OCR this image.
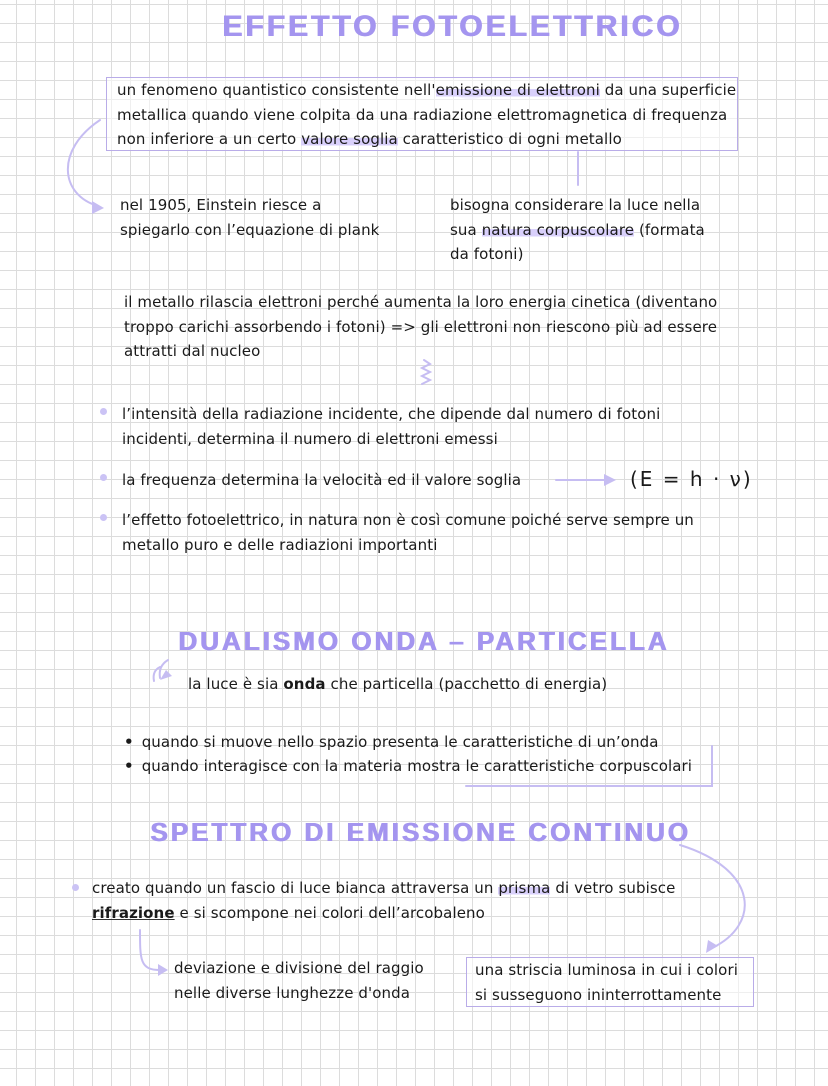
EFFETTO FOTOELETTRICO
un fenomeno quantistico consistente nell'emissione di elettroni da una superficie metallica quando viene colpita da una radiazione elettromagnetica di frequenza non inferiore a un certo valore soglia caratteristico di ogni metallo
nel 1905, Einstein riesce a spiegarlo con l’equazione di plank
bisogna considerare la luce nella sua natura corpuscolare (formata da fotoni)
il metallo rilascia elettroni perché aumenta la loro energia cinetica (diventano troppo carichi assorbendo i fotoni) => gli elettroni non riescono più ad essere attratti dal nucleo
l’intensità della radiazione incidente, che dipende dal numero di fotoni incidenti, determina il numero di elettroni emessi
la frequenza determina la velocità ed il valore soglia	(E = h · ν)
l’effetto fotoelettrico, in natura non è così comune poiché serve sempre un metallo puro e delle radiazioni importanti
DUALISMO ONDA – PARTICELLA
la luce è sia onda che particella (pacchetto di energia)
• quando si muove nello spazio presenta le caratteristiche di un’onda
• quando interagisce con la materia mostra le caratteristiche corpuscolari
SPETTRO DI EMISSIONE CONTINUO
creato quando un fascio di luce bianca attraversa un prisma di vetro subisce rifrazione e si scompone nei colori dell’arcobaleno
deviazione e divisione del raggio nelle diverse lunghezze d'onda
una striscia luminosa in cui i colori si susseguono ininterrottamente
